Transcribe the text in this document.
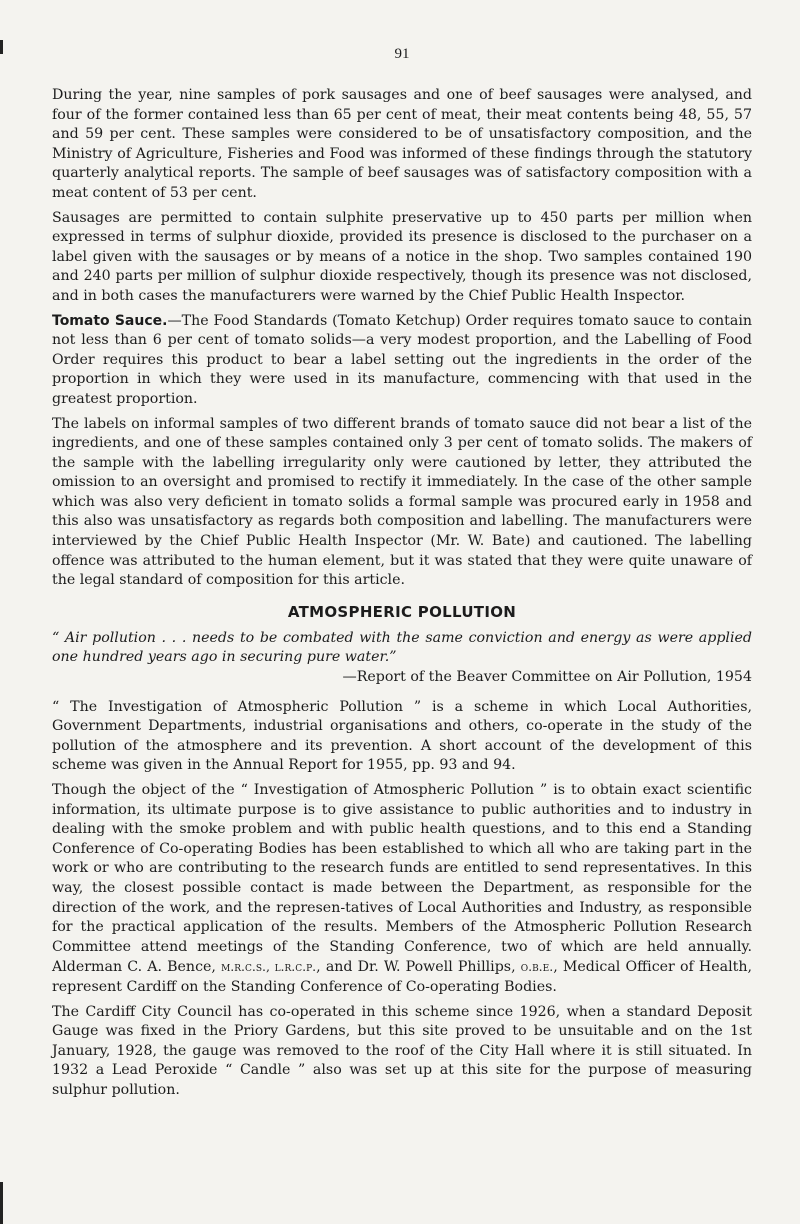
91

During the year, nine samples of pork sausages and one of beef sausages were analysed, and four of the former contained less than 65 per cent of meat, their meat contents being 48, 55, 57 and 59 per cent. These samples were considered to be of unsatisfactory composition, and the Ministry of Agriculture, Fisheries and Food was informed of these findings through the statutory quarterly analytical reports. The sample of beef sausages was of satisfactory composition with a meat content of 53 per cent.

Sausages are permitted to contain sulphite preservative up to 450 parts per million when expressed in terms of sulphur dioxide, provided its presence is disclosed to the purchaser on a label given with the sausages or by means of a notice in the shop. Two samples contained 190 and 240 parts per million of sulphur dioxide respectively, though its presence was not disclosed, and in both cases the manufacturers were warned by the Chief Public Health Inspector.

Tomato Sauce.—The Food Standards (Tomato Ketchup) Order requires tomato sauce to contain not less than 6 per cent of tomato solids—a very modest proportion, and the Labelling of Food Order requires this product to bear a label setting out the ingredients in the order of the proportion in which they were used in its manufacture, commencing with that used in the greatest proportion.

The labels on informal samples of two different brands of tomato sauce did not bear a list of the ingredients, and one of these samples contained only 3 per cent of tomato solids. The makers of the sample with the labelling irregularity only were cautioned by letter, they attributed the omission to an oversight and promised to rectify it immediately. In the case of the other sample which was also very deficient in tomato solids a formal sample was procured early in 1958 and this also was unsatisfactory as regards both composition and labelling. The manufacturers were interviewed by the Chief Public Health Inspector (Mr. W. Bate) and cautioned. The labelling offence was attributed to the human element, but it was stated that they were quite unaware of the legal standard of composition for this article.

ATMOSPHERIC POLLUTION

“ Air pollution . . . needs to be combated with the same conviction and energy as were applied one hundred years ago in securing pure water.”

—Report of the Beaver Committee on Air Pollution, 1954

“ The Investigation of Atmospheric Pollution ” is a scheme in which Local Authorities, Government Departments, industrial organisations and others, co-operate in the study of the pollution of the atmosphere and its prevention. A short account of the development of this scheme was given in the Annual Report for 1955, pp. 93 and 94.

Though the object of the “ Investigation of Atmospheric Pollution ” is to obtain exact scientific information, its ultimate purpose is to give assistance to public authorities and to industry in dealing with the smoke problem and with public health questions, and to this end a Standing Conference of Co-operating Bodies has been established to which all who are taking part in the work or who are contributing to the research funds are entitled to send representatives. In this way, the closest possible contact is made between the Department, as responsible for the direction of the work, and the represen-tatives of Local Authorities and Industry, as responsible for the practical application of the results. Members of the Atmospheric Pollution Research Committee attend meetings of the Standing Conference, two of which are held annually. Alderman C. A. Bence, m.r.c.s., l.r.c.p., and Dr. W. Powell Phillips, o.b.e., Medical Officer of Health, represent Cardiff on the Standing Conference of Co-operating Bodies.

The Cardiff City Council has co-operated in this scheme since 1926, when a standard Deposit Gauge was fixed in the Priory Gardens, but this site proved to be unsuitable and on the 1st January, 1928, the gauge was removed to the roof of the City Hall where it is still situated. In 1932 a Lead Peroxide “ Candle ” also was set up at this site for the purpose of measuring sulphur pollution.
